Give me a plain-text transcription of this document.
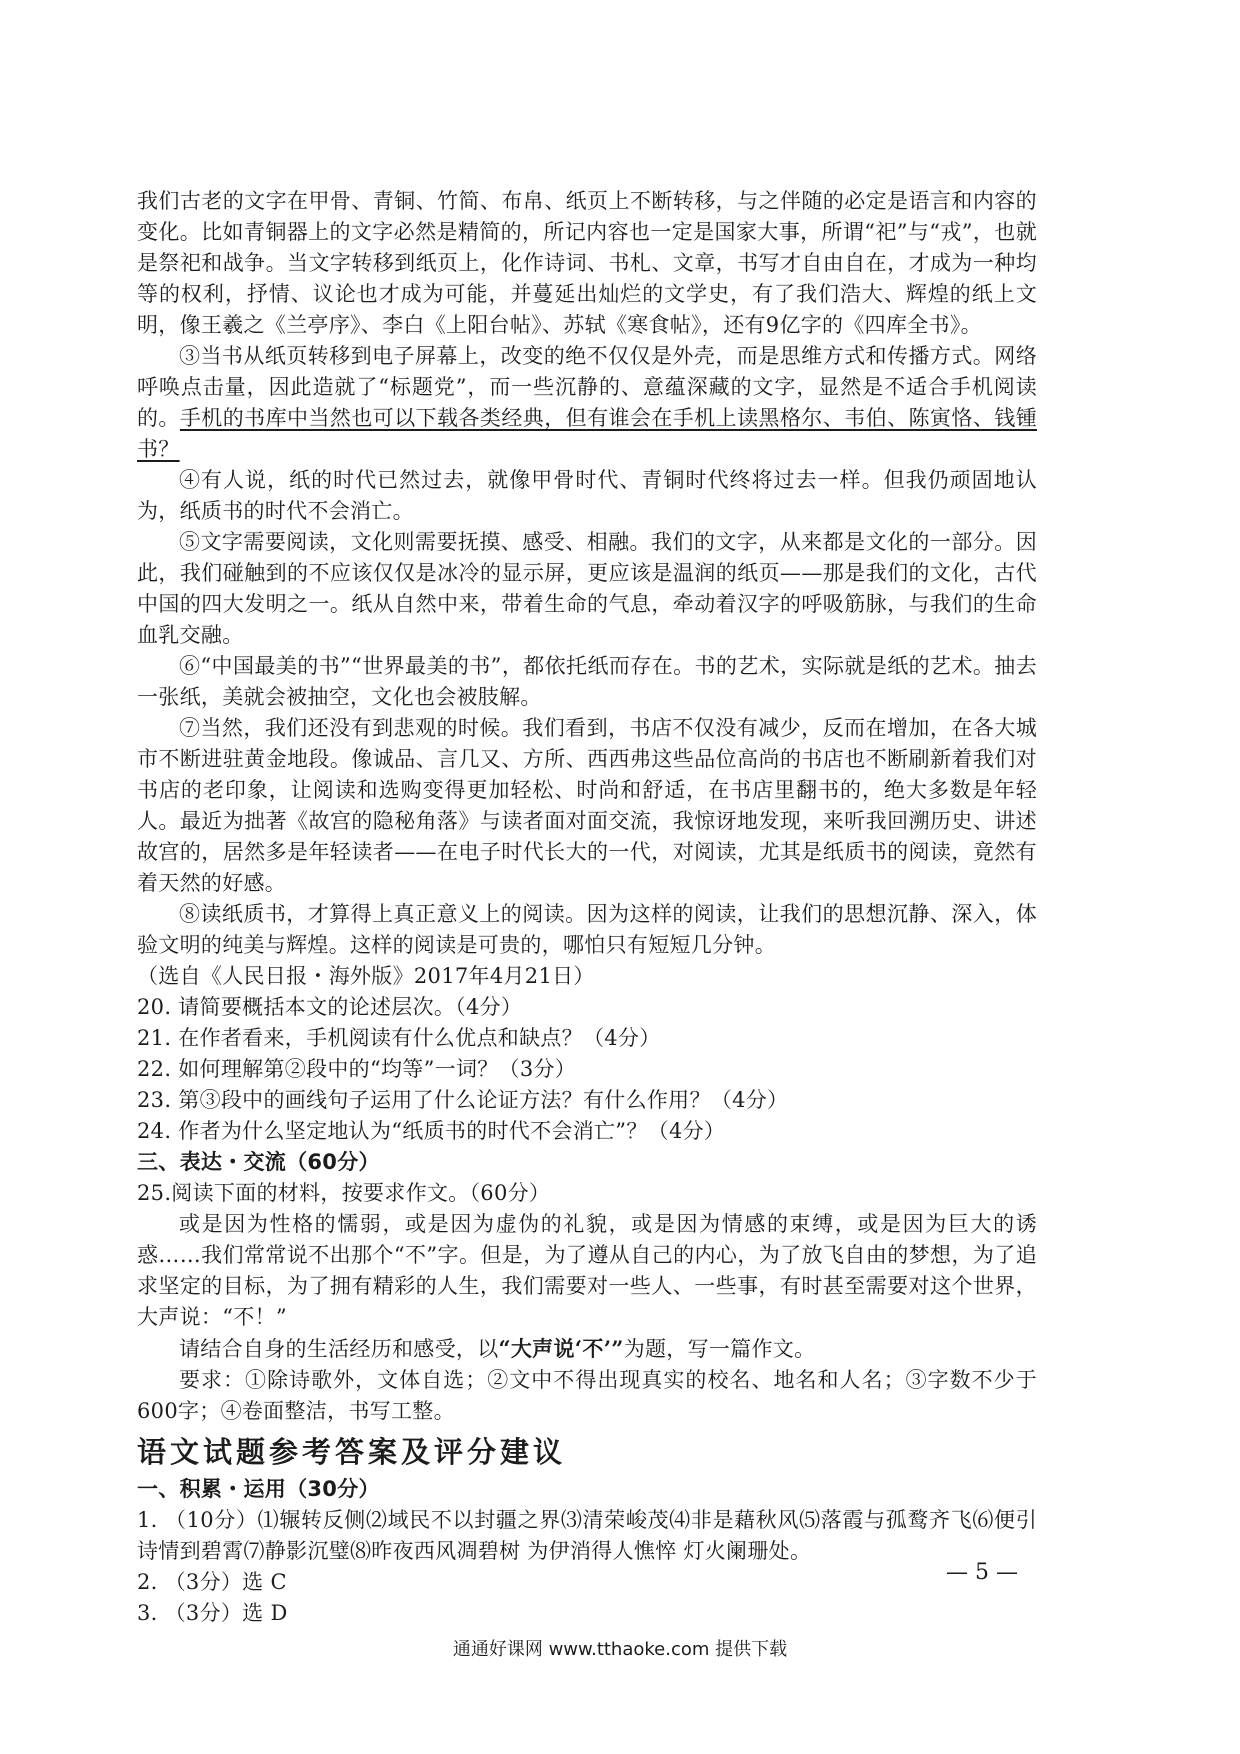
我们古老的文字在甲骨、青铜、竹简、布帛、纸页上不断转移，与之伴随的必定是语言和内容的变化。比如青铜器上的文字必然是精简的，所记内容也一定是国家大事，所谓“祀”与“戎”，也就是祭祀和战争。当文字转移到纸页上，化作诗词、书札、文章，书写才自由自在，才成为一种均等的权利，抒情、议论也才成为可能，并蔓延出灿烂的文学史，有了我们浩大、辉煌的纸上文明，像王羲之《兰亭序》、李白《上阳台帖》、苏轼《寒食帖》，还有9亿字的《四库全书》。

③当书从纸页转移到电子屏幕上，改变的绝不仅仅是外壳，而是思维方式和传播方式。网络呼唤点击量，因此造就了“标题党”，而一些沉静的、意蕴深藏的文字，显然是不适合手机阅读的。手机的书库中当然也可以下载各类经典，但有谁会在手机上读黑格尔、韦伯、陈寅恪、钱锺书？

④有人说，纸的时代已然过去，就像甲骨时代、青铜时代终将过去一样。但我仍顽固地认为，纸质书的时代不会消亡。

⑤文字需要阅读，文化则需要抚摸、感受、相融。我们的文字，从来都是文化的一部分。因此，我们碰触到的不应该仅仅是冰冷的显示屏，更应该是温润的纸页——那是我们的文化，古代中国的四大发明之一。纸从自然中来，带着生命的气息，牵动着汉字的呼吸筋脉，与我们的生命血乳交融。

⑥“中国最美的书”“世界最美的书”，都依托纸而存在。书的艺术，实际就是纸的艺术。抽去一张纸，美就会被抽空，文化也会被肢解。

⑦当然，我们还没有到悲观的时候。我们看到，书店不仅没有减少，反而在增加，在各大城市不断进驻黄金地段。像诚品、言几又、方所、西西弗这些品位高尚的书店也不断刷新着我们对书店的老印象，让阅读和选购变得更加轻松、时尚和舒适，在书店里翻书的，绝大多数是年轻人。最近为拙著《故宫的隐秘角落》与读者面对面交流，我惊讶地发现，来听我回溯历史、讲述故宫的，居然多是年轻读者——在电子时代长大的一代，对阅读，尤其是纸质书的阅读，竟然有着天然的好感。

⑧读纸质书，才算得上真正意义上的阅读。因为这样的阅读，让我们的思想沉静、深入，体验文明的纯美与辉煌。这样的阅读是可贵的，哪怕只有短短几分钟。

（选自《人民日报・海外版》2017年4月21日）

20. 请简要概括本文的论述层次。（4分）

21. 在作者看来，手机阅读有什么优点和缺点？（4分）

22. 如何理解第②段中的“均等”一词？（3分）

23. 第③段中的画线句子运用了什么论证方法？有什么作用？（4分）

24. 作者为什么坚定地认为“纸质书的时代不会消亡”？（4分）

三、表达・交流（60分）

25.阅读下面的材料，按要求作文。（60分）

或是因为性格的懦弱，或是因为虚伪的礼貌，或是因为情感的束缚，或是因为巨大的诱惑……我们常常说不出那个“不”字。但是，为了遵从自己的内心，为了放飞自由的梦想，为了追求坚定的目标，为了拥有精彩的人生，我们需要对一些人、一些事，有时甚至需要对这个世界，大声说：“不！”

请结合自身的生活经历和感受，以“大声说‘不’”为题，写一篇作文。

要求：①除诗歌外，文体自选；②文中不得出现真实的校名、地名和人名；③字数不少于600字；④卷面整洁，书写工整。

语文试题参考答案及评分建议

一、积累・运用（30分）

1. （10分）⑴辗转反侧⑵域民不以封疆之界⑶清荣峻茂⑷非是藉秋风⑸落霞与孤鹜齐飞⑹便引诗情到碧霄⑺静影沉璧⑻昨夜西风凋碧树 为伊消得人憔悴 灯火阑珊处。

2. （3分）选 C

3. （3分）选 D

— 5 —
通通好课网 www.tthaoke.com 提供下载
